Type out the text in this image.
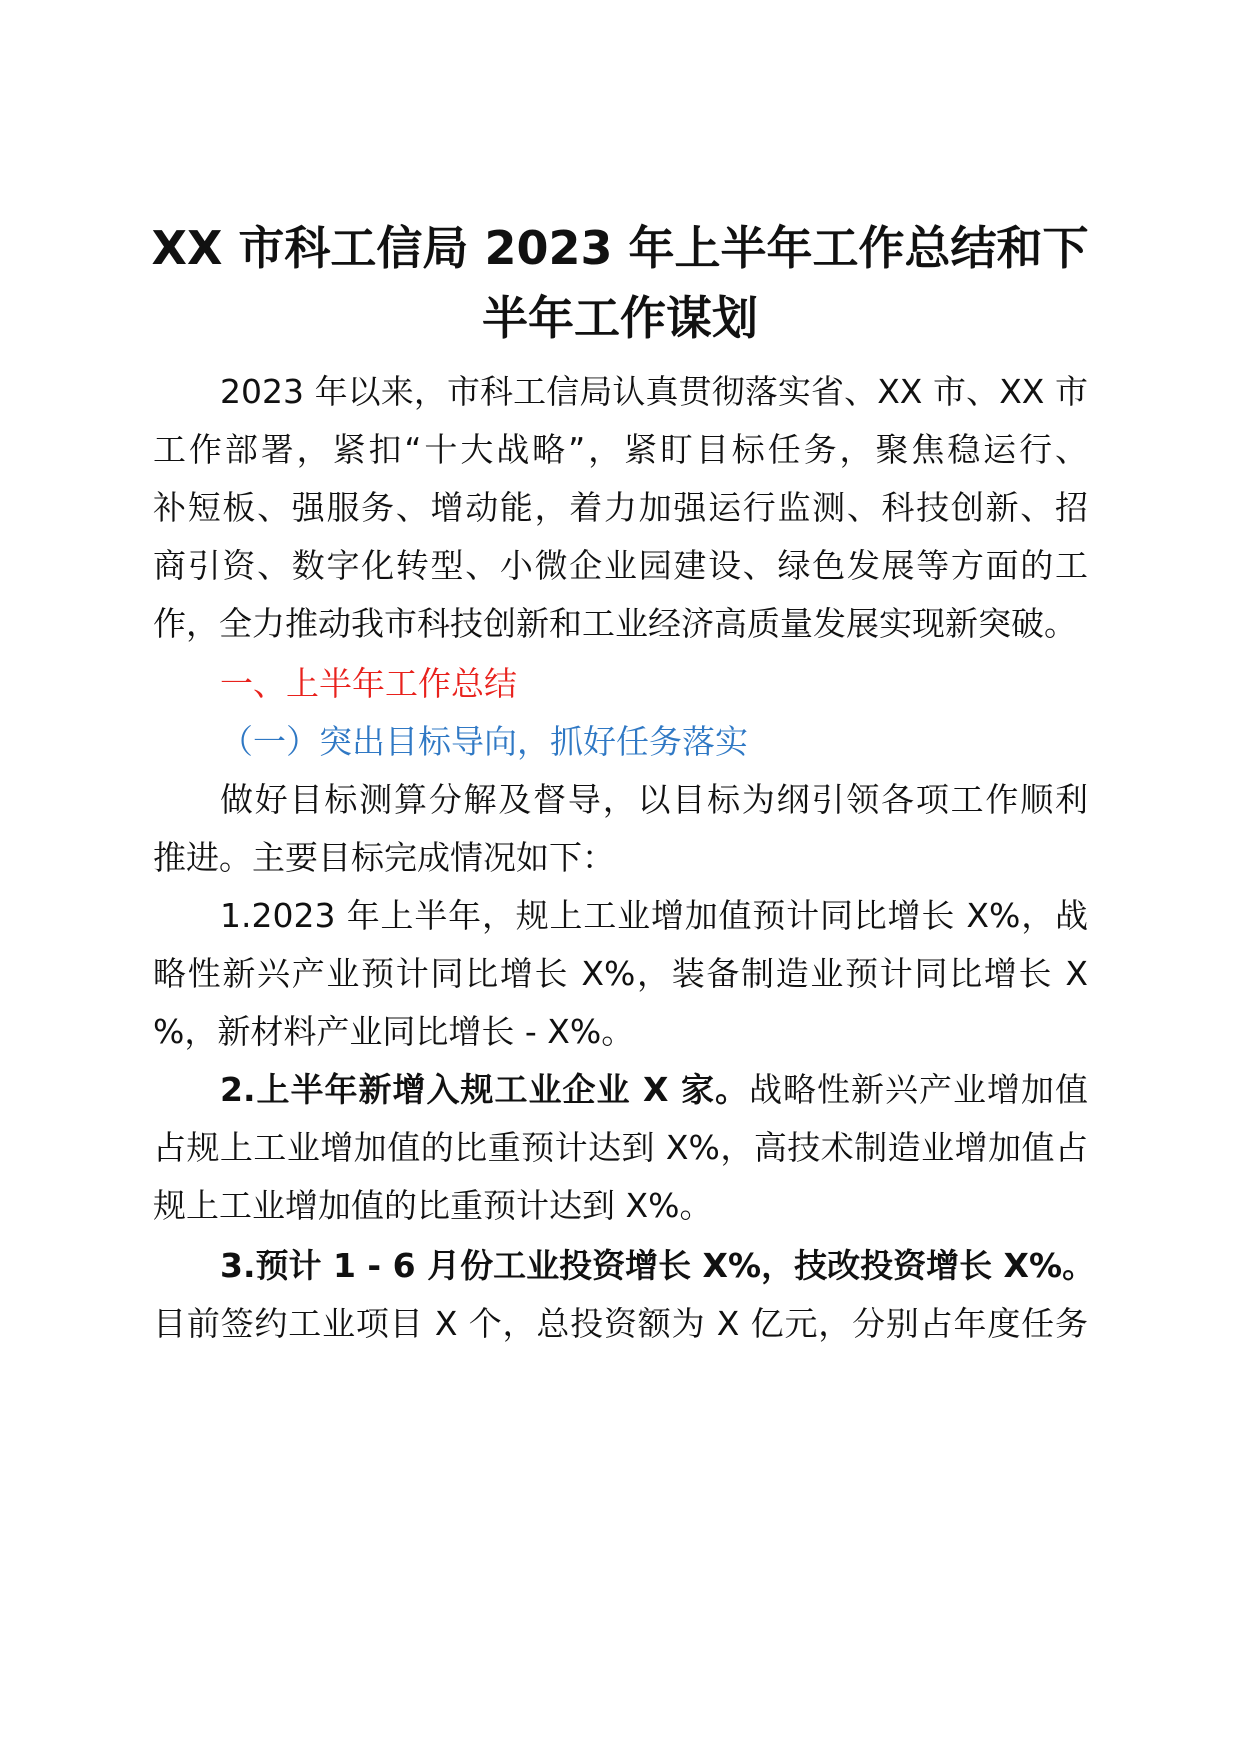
XX 市科工信局 2023 年上半年工作总结和下
半年工作谋划
2023 年以来，市科工信局认真贯彻落实省、XX 市、XX 市
工作部署，紧扣“十大战略”，紧盯目标任务，聚焦稳运行、
补短板、强服务、增动能，着力加强运行监测、科技创新、招
商引资、数字化转型、小微企业园建设、绿色发展等方面的工
作，全力推动我市科技创新和工业经济高质量发展实现新突破。
一、上半年工作总结
（一）突出目标导向，抓好任务落实
做好目标测算分解及督导，以目标为纲引领各项工作顺利
推进。主要目标完成情况如下：
1.2023 年上半年，规上工业增加值预计同比增长 X%，战
略性新兴产业预计同比增长 X%，装备制造业预计同比增长 X
%，新材料产业同比增长 - X%。
2.上半年新增入规工业企业 X 家。战略性新兴产业增加值
占规上工业增加值的比重预计达到 X%，高技术制造业增加值占
规上工业增加值的比重预计达到 X%。
3.预计 1 - 6 月份工业投资增长 X%，技改投资增长 X%。
目前签约工业项目 X 个，总投资额为 X 亿元，分别占年度任务
